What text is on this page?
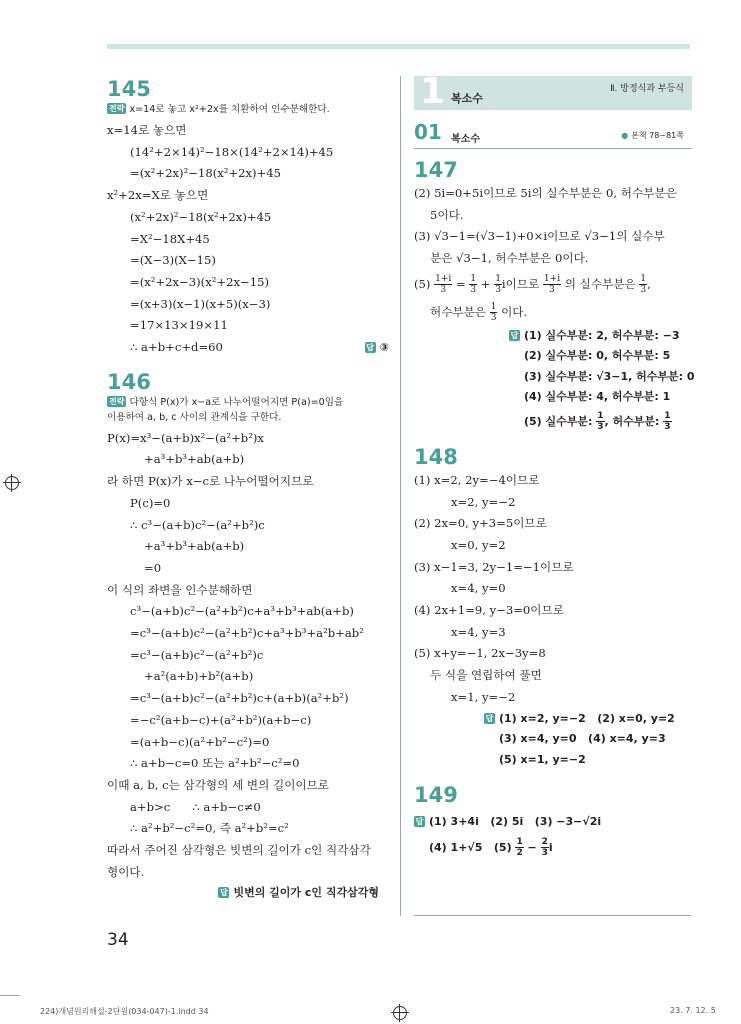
145
전략 x=14로 놓고 x²+2x를 치환하여 인수분해한다.
x=14로 놓으면
(14²+2×14)²−18×(14²+2×14)+45
=(x²+2x)²−18(x²+2x)+45
x²+2x=X로 놓으면
(x²+2x)²−18(x²+2x)+45
=X²−18X+45
=(X−3)(X−15)
=(x²+2x−3)(x²+2x−15)
=(x+3)(x−1)(x+5)(x−3)
=17×13×19×11
∴ a+b+c+d=60	답 ③
146
전략 다항식 P(x)가 x−a로 나누어떨어지면 P(a)=0임을
이용하여 a, b, c 사이의 관계식을 구한다.
P(x)=x³−(a+b)x²−(a²+b²)x
+a³+b³+ab(a+b)
라 하면 P(x)가 x−c로 나누어떨어지므로
P(c)=0
∴ c³−(a+b)c²−(a²+b²)c
+a³+b³+ab(a+b)
=0
이 식의 좌변을 인수분해하면
c³−(a+b)c²−(a²+b²)c+a³+b³+ab(a+b)
=c³−(a+b)c²−(a²+b²)c+a³+b³+a²b+ab²
=c³−(a+b)c²−(a²+b²)c
+a²(a+b)+b²(a+b)
=c³−(a+b)c²−(a²+b²)c+(a+b)(a²+b²)
=−c²(a+b−c)+(a²+b²)(a+b−c)
=(a+b−c)(a²+b²−c²)=0
∴ a+b−c=0 또는 a²+b²−c²=0
이때 a, b, c는 삼각형의 세 변의 길이이므로
a+b>c      ∴ a+b−c≠0
∴ a²+b²−c²=0, 즉 a²+b²=c²
따라서 주어진 삼각형은 빗변의 길이가 c인 직각삼각
형이다.
답 빗변의 길이가 c인 직각삼각형
1 복소수
Ⅱ. 방정식과 부등식
01 복소수	● 본책 78~81쪽
147
(2) 5i=0+5i이므로 5i의 실수부분은 0, 허수부분은
5이다.
(3) √3−1=(√3−1)+0×i이므로 √3−1의 실수부
분은 √3−1, 허수부분은 0이다.
$(5) \frac{1+i}{3} = \frac{1}{3} + \frac{1}{3}$ i이므로 $\frac{1+i}{3}$ 의 실수부분은 $\frac{1}{3}$ ,
허수부분은 $\frac{1}{3}$ 이다.
답 (1) 실수부분: 2, 허수부분: −3
(2) 실수부분: 0, 허수부분: 5
(3) 실수부분: √3−1, 허수부분: 0
(4) 실수부분: 4, 허수부분: 1
(5) 실수부분: $\frac{1}{3}$ , 허수부분: $\frac{1}{3}$
148
(1) x=2, 2y=−4이므로
x=2, y=−2
(2) 2x=0, y+3=5이므로
x=0, y=2
(3) x−1=3, 2y−1=−1이므로
x=4, y=0
(4) 2x+1=9, y−3=0이므로
x=4, y=3
(5) x+y=−1, 2x−3y=8
두 식을 연립하여 풀면
x=1, y=−2
답 (1) x=2, y=−2   (2) x=0, y=2
(3) x=4, y=0   (4) x=4, y=3
(5) x=1, y=−2
149
답 (1) 3+4i   (2) 5i   (3) −3−√2i
(4) 1+√5   $(5) \frac{1}{2} - \frac{2}{3}$ i
34
224)개념원리해설-2단원(034-047)-1.indd 34	23. 7. 12. 5
